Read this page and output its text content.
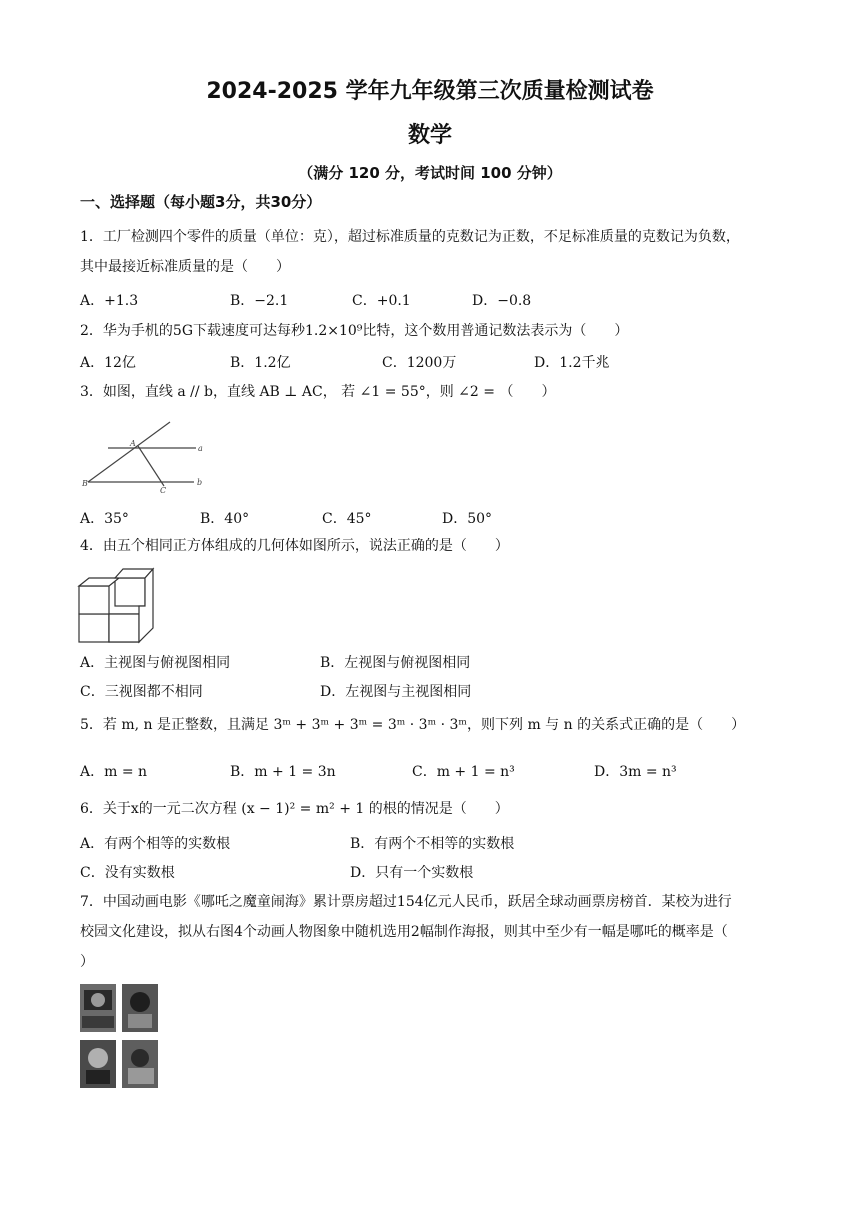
2024-2025 学年九年级第三次质量检测试卷
数学
（满分 120 分，考试时间 100 分钟）
一、选择题（每小题3分，共30分）
1．工厂检测四个零件的质量（单位：克），超过标准质量的克数记为正数，不足标准质量的克数记为负数，
其中最接近标准质量的是（　　）
A．+1.3	B．−2.1	C．+0.1	D．−0.8
2．华为手机的5G下载速度可达每秒1.2×10⁹比特，这个数用普通记数法表示为（　　）
A．12亿	B．1.2亿	C．1200万	D．1.2千兆
3．如图，直线 a // b，直线 AB ⊥ AC， 若 ∠1 = 55°，则 ∠2 = （　　）
A
B
C
a
b
A．35°	B．40°	C．45°	D．50°
4．由五个相同正方体组成的几何体如图所示，说法正确的是（　　）
A．主视图与俯视图相同	B．左视图与俯视图相同
C．三视图都不相同	D．左视图与主视图相同
5．若 m, n 是正整数，且满足 3ᵐ + 3ᵐ + 3ᵐ = 3ᵐ · 3ᵐ · 3ᵐ，则下列 m 与 n 的关系式正确的是（　　）
A．m = n	B．m + 1 = 3n	C．m + 1 = n³	D．3m = n³
6．关于x的一元二次方程 (x − 1)² = m² + 1 的根的情况是（　　）
A．有两个相等的实数根	B．有两个不相等的实数根
C．没有实数根	D．只有一个实数根
7．中国动画电影《哪吒之魔童闹海》累计票房超过154亿元人民币，跃居全球动画票房榜首．某校为进行
校园文化建设，拟从右图4个动画人物图象中随机选用2幅制作海报，则其中至少有一幅是哪吒的概率是（
）
